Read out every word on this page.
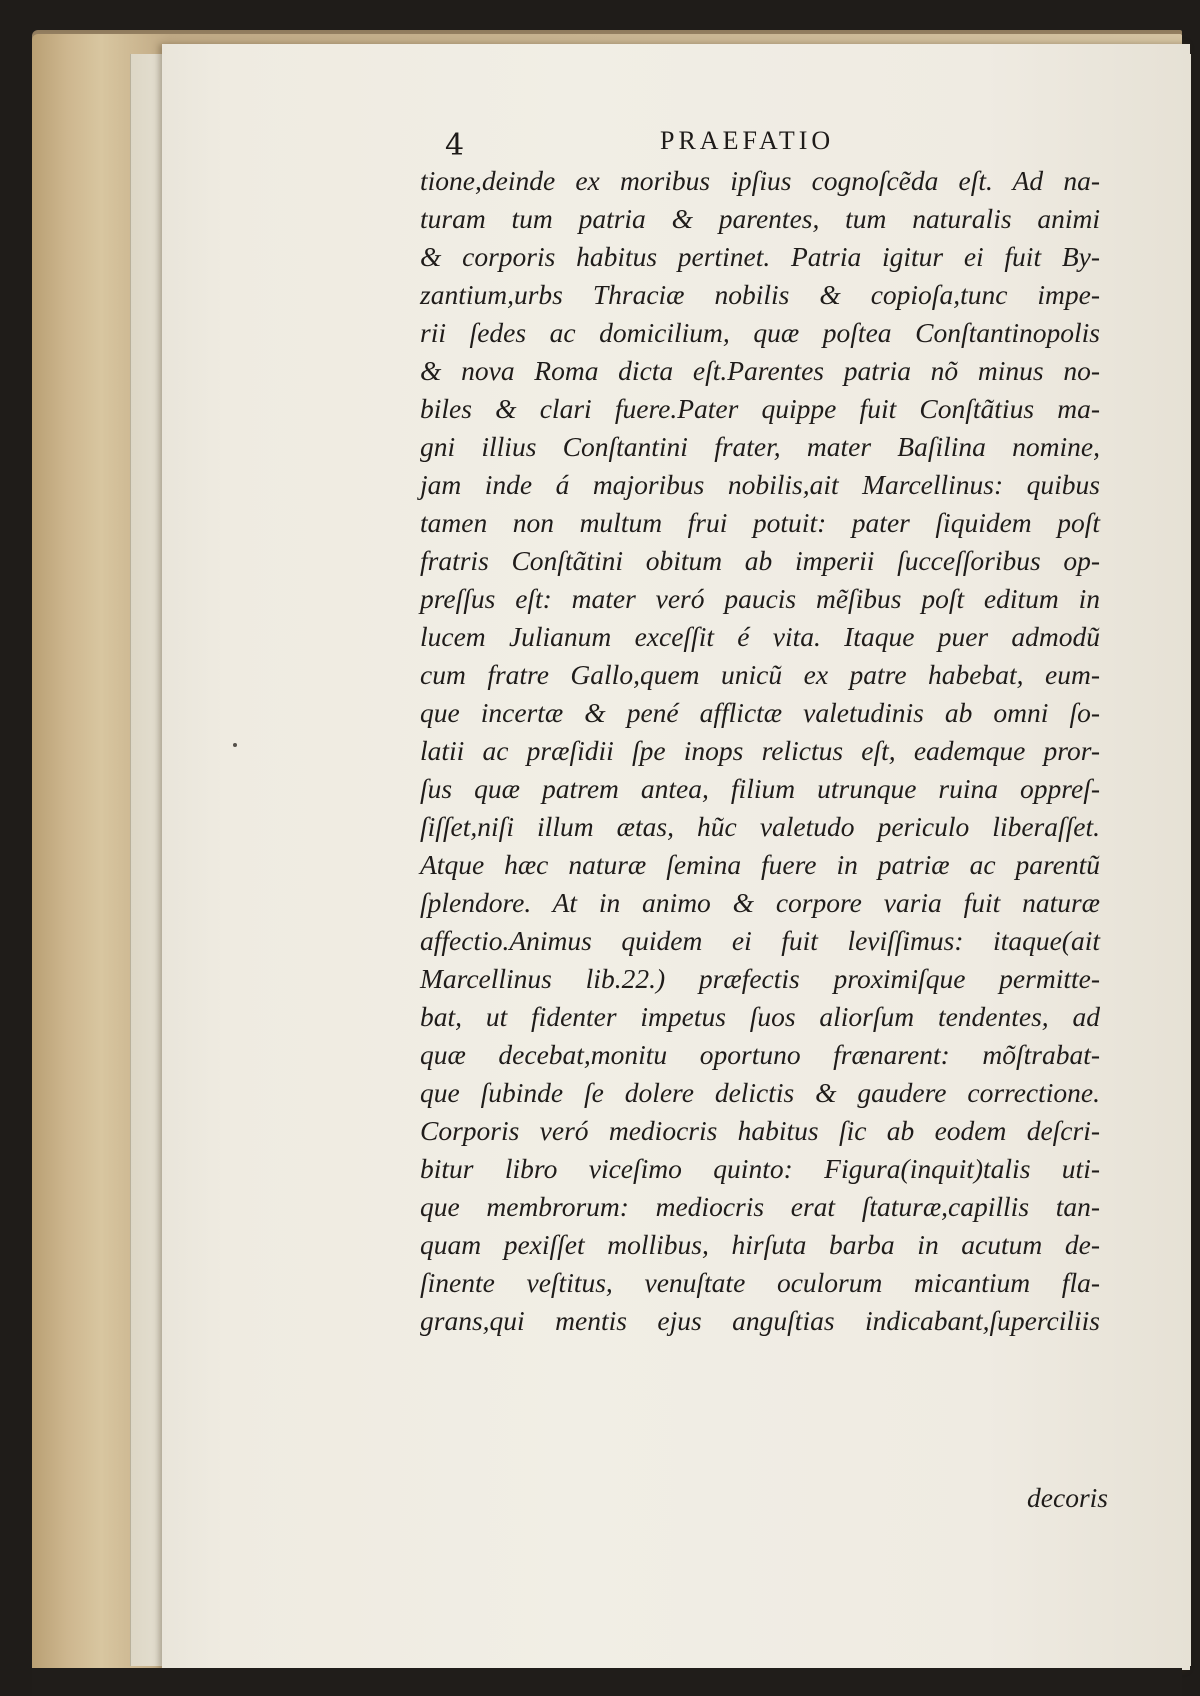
4	PRAEFATIO
tione,deinde ex moribus ipſius cognoſcẽda eſt. Ad na-
turam tum patria & parentes, tum naturalis animi
& corporis habitus pertinet. Patria igitur ei fuit By-
zantium,urbs Thraciæ nobilis & copioſa,tunc impe-
rii ſedes ac domicilium, quæ poſtea Conſtantinopolis
& nova Roma dicta eſt.Parentes patria nõ minus no-
biles & clari fuere.Pater quippe fuit Conſtãtius ma-
gni illius Conſtantini frater, mater Baſilina nomine,
jam inde á majoribus nobilis,ait Marcellinus: quibus
tamen non multum frui potuit: pater ſiquidem poſt
fratris Conſtãtini obitum ab imperii ſucceſſoribus op-
preſſus eſt: mater veró paucis mẽſibus poſt editum in
lucem Julianum exceſſit é vita. Itaque puer admodũ
cum fratre Gallo,quem unicũ ex patre habebat, eum-
que incertæ & pené afflictæ valetudinis ab omni ſo-
latii ac præſidii ſpe inops relictus eſt, eademque pror-
ſus quæ patrem antea, filium utrunque ruina oppreſ-
ſiſſet,niſi illum ætas, hũc valetudo periculo liberaſſet.
Atque hæc naturæ ſemina fuere in patriæ ac parentũ
ſplendore. At in animo & corpore varia fuit naturæ
affectio.Animus quidem ei fuit leviſſimus: itaque(ait
Marcellinus lib.22.) præfectis proximiſque permitte-
bat, ut fidenter impetus ſuos aliorſum tendentes, ad
quæ decebat,monitu oportuno frænarent: mõſtrabat-
que ſubinde ſe dolere delictis & gaudere correctione.
Corporis veró mediocris habitus ſic ab eodem deſcri-
bitur libro viceſimo quinto: Figura(inquit)talis uti-
que membrorum: mediocris erat ſtaturæ,capillis tan-
quam pexiſſet mollibus, hirſuta barba in acutum de-
ſinente veſtitus, venuſtate oculorum micantium fla-
grans,qui mentis ejus anguſtias indicabant,ſuperciliis
decoris
